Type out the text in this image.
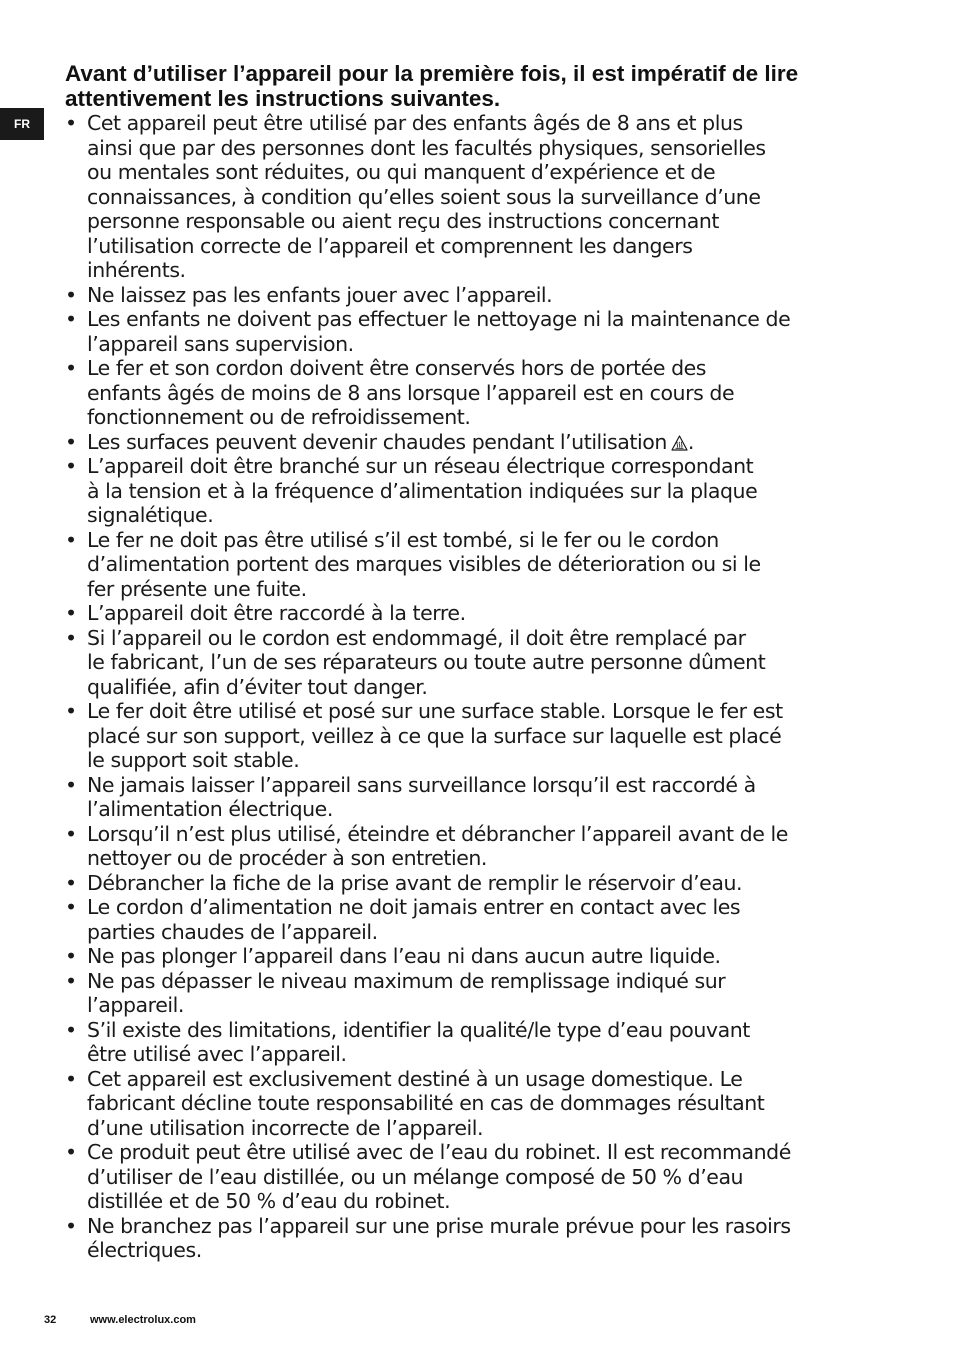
FR
Avant d’utiliser l’appareil pour la première fois, il est impératif de lire attentivement les instructions suivantes.
• Cet appareil peut être utilisé par des enfants âgés de 8 ans et plus
ainsi que par des personnes dont les facultés physiques, sensorielles
ou mentales sont réduites, ou qui manquent d’expérience et de
connaissances, à condition qu’elles soient sous la surveillance d’une
personne responsable ou aient reçu des instructions concernant
l’utilisation correcte de l’appareil et comprennent les dangers
inhérents.
• Ne laissez pas les enfants jouer avec l’appareil.
• Les enfants ne doivent pas effectuer le nettoyage ni la maintenance de
l’appareil sans supervision.
• Le fer et son cordon doivent être conservés hors de portée des
enfants âgés de moins de 8 ans lorsque l’appareil est en cours de
fonctionnement ou de refroidissement.
• Les surfaces peuvent devenir chaudes pendant l’utilisation .
• L’appareil doit être branché sur un réseau électrique correspondant
à la tension et à la fréquence d’alimentation indiquées sur la plaque
signalétique.
• Le fer ne doit pas être utilisé s’il est tombé, si le fer ou le cordon
d’alimentation portent des marques visibles de déterioration ou si le
fer présente une fuite.
• L’appareil doit être raccordé à la terre.
• Si l’appareil ou le cordon est endommagé, il doit être remplacé par
le fabricant, l’un de ses réparateurs ou toute autre personne dûment
qualifiée, afin d’éviter tout danger.
• Le fer doit être utilisé et posé sur une surface stable. Lorsque le fer est
placé sur son support, veillez à ce que la surface sur laquelle est placé
le support soit stable.
• Ne jamais laisser l’appareil sans surveillance lorsqu’il est raccordé à
l’alimentation électrique.
• Lorsqu’il n’est plus utilisé, éteindre et débrancher l’appareil avant de le
nettoyer ou de procéder à son entretien.
• Débrancher la fiche de la prise avant de remplir le réservoir d’eau.
• Le cordon d’alimentation ne doit jamais entrer en contact avec les
parties chaudes de l’appareil.
• Ne pas plonger l’appareil dans l’eau ni dans aucun autre liquide.
• Ne pas dépasser le niveau maximum de remplissage indiqué sur
l’appareil.
• S’il existe des limitations, identifier la qualité/le type d’eau pouvant
être utilisé avec l’appareil.
• Cet appareil est exclusivement destiné à un usage domestique. Le
fabricant décline toute responsabilité en cas de dommages résultant
d’une utilisation incorrecte de l’appareil.
• Ce produit peut être utilisé avec de l’eau du robinet. Il est recommandé
d’utiliser de l’eau distillée, ou un mélange composé de 50 % d’eau
distillée et de 50 % d’eau du robinet.
• Ne branchez pas l’appareil sur une prise murale prévue pour les rasoirs
électriques.
32	www.electrolux.com
